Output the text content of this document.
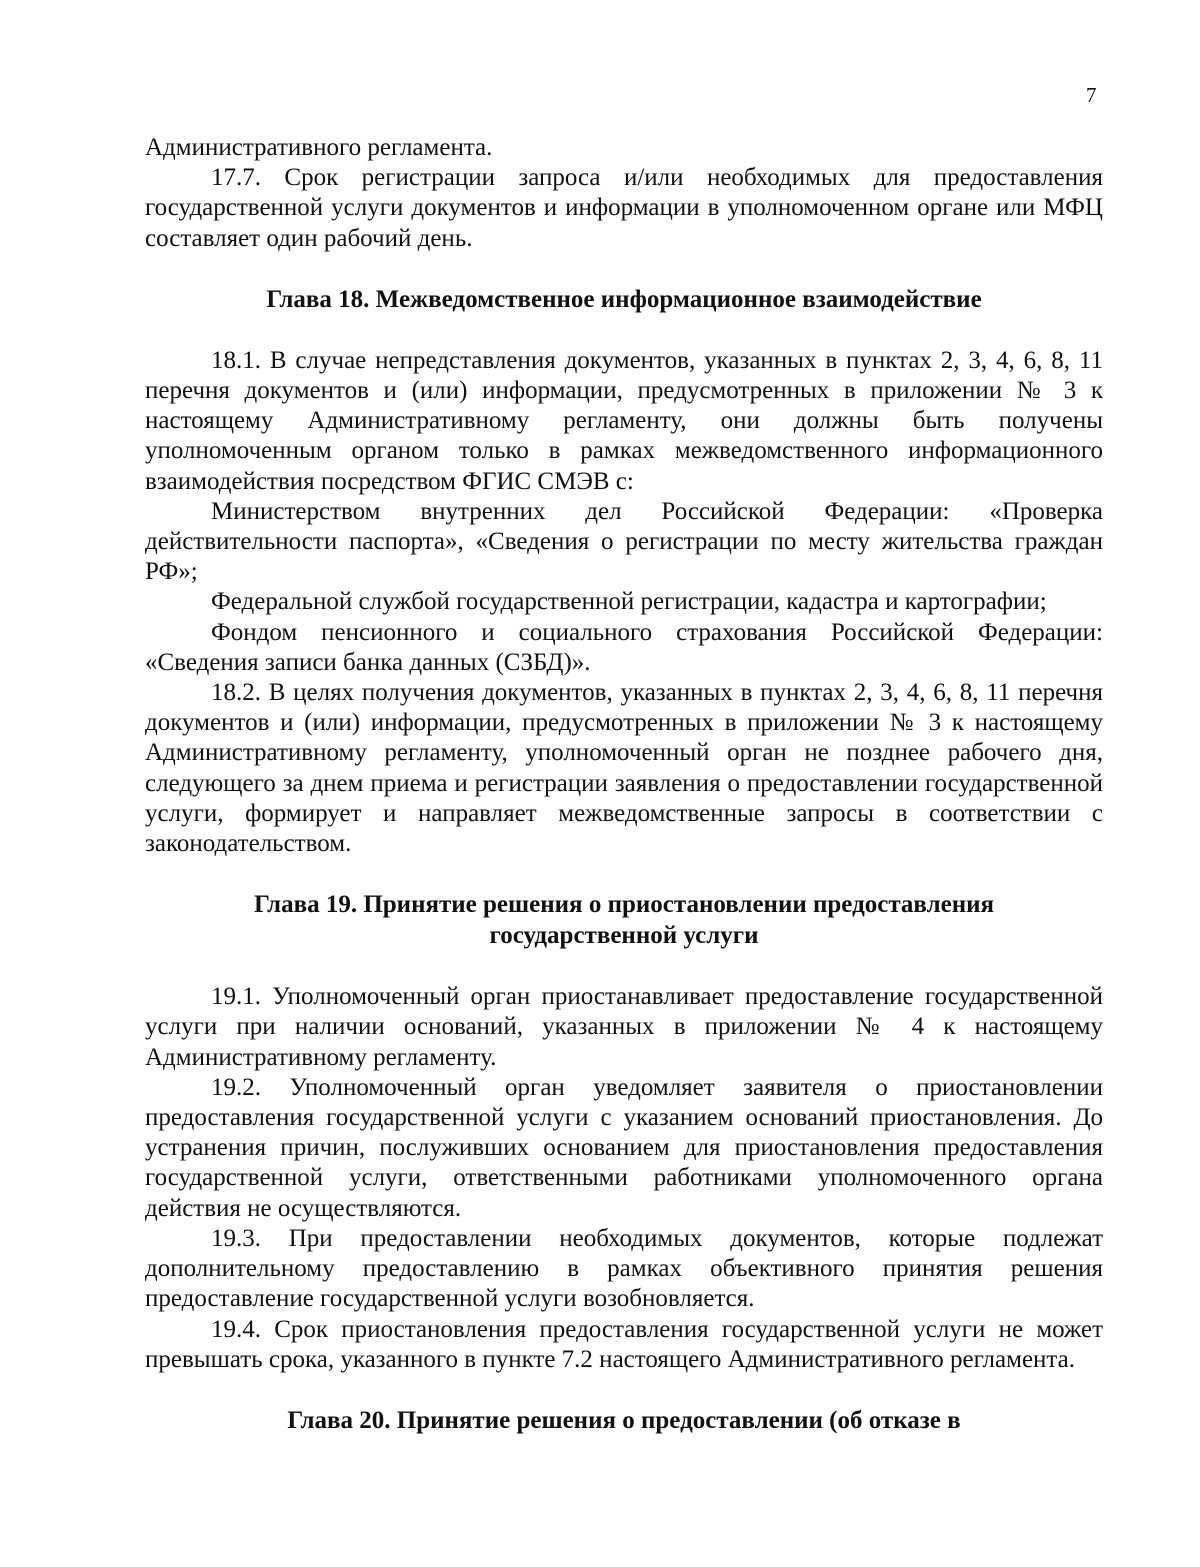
7

Административного регламента.

17.7. Срок регистрации запроса и/или необходимых для предоставления государственной услуги документов и информации в уполномоченном органе или МФЦ составляет один рабочий день.

Глава 18. Межведомственное информационное взаимодействие

18.1. В случае непредставления документов, указанных в пунктах 2, 3, 4, 6, 8, 11 перечня документов и (или) информации, предусмотренных в приложении № 3 к настоящему Административному регламенту, они должны быть получены уполномоченным органом только в рамках межведомственного информационного взаимодействия посредством ФГИС СМЭВ с:

Министерством внутренних дел Российской Федерации: «Проверка действительности паспорта», «Сведения о регистрации по месту жительства граждан РФ»;

Федеральной службой государственной регистрации, кадастра и картографии;

Фондом пенсионного и социального страхования Российской Федерации: «Сведения записи банка данных (СЗБД)».

18.2. В целях получения документов, указанных в пунктах 2, 3, 4, 6, 8, 11 перечня документов и (или) информации, предусмотренных в приложении № 3 к настоящему Административному регламенту, уполномоченный орган не позднее рабочего дня, следующего за днем приема и регистрации заявления о предоставлении государственной услуги, формирует и направляет межведомственные запросы в соответствии с законодательством.

Глава 19. Принятие решения о приостановлении предоставления
государственной услуги

19.1. Уполномоченный орган приостанавливает предоставление государственной услуги при наличии оснований, указанных в приложении № 4 к настоящему Административному регламенту.

19.2. Уполномоченный орган уведомляет заявителя о приостановлении предоставления государственной услуги с указанием оснований приостановления. До устранения причин, послуживших основанием для приостановления предоставления государственной услуги, ответственными работниками уполномоченного органа действия не осуществляются.

19.3. При предоставлении необходимых документов, которые подлежат дополнительному предоставлению в рамках объективного принятия решения предоставление государственной услуги возобновляется.

19.4. Срок приостановления предоставления государственной услуги не может превышать срока, указанного в пункте 7.2 настоящего Административного регламента.

Глава 20. Принятие решения о предоставлении (об отказе в
